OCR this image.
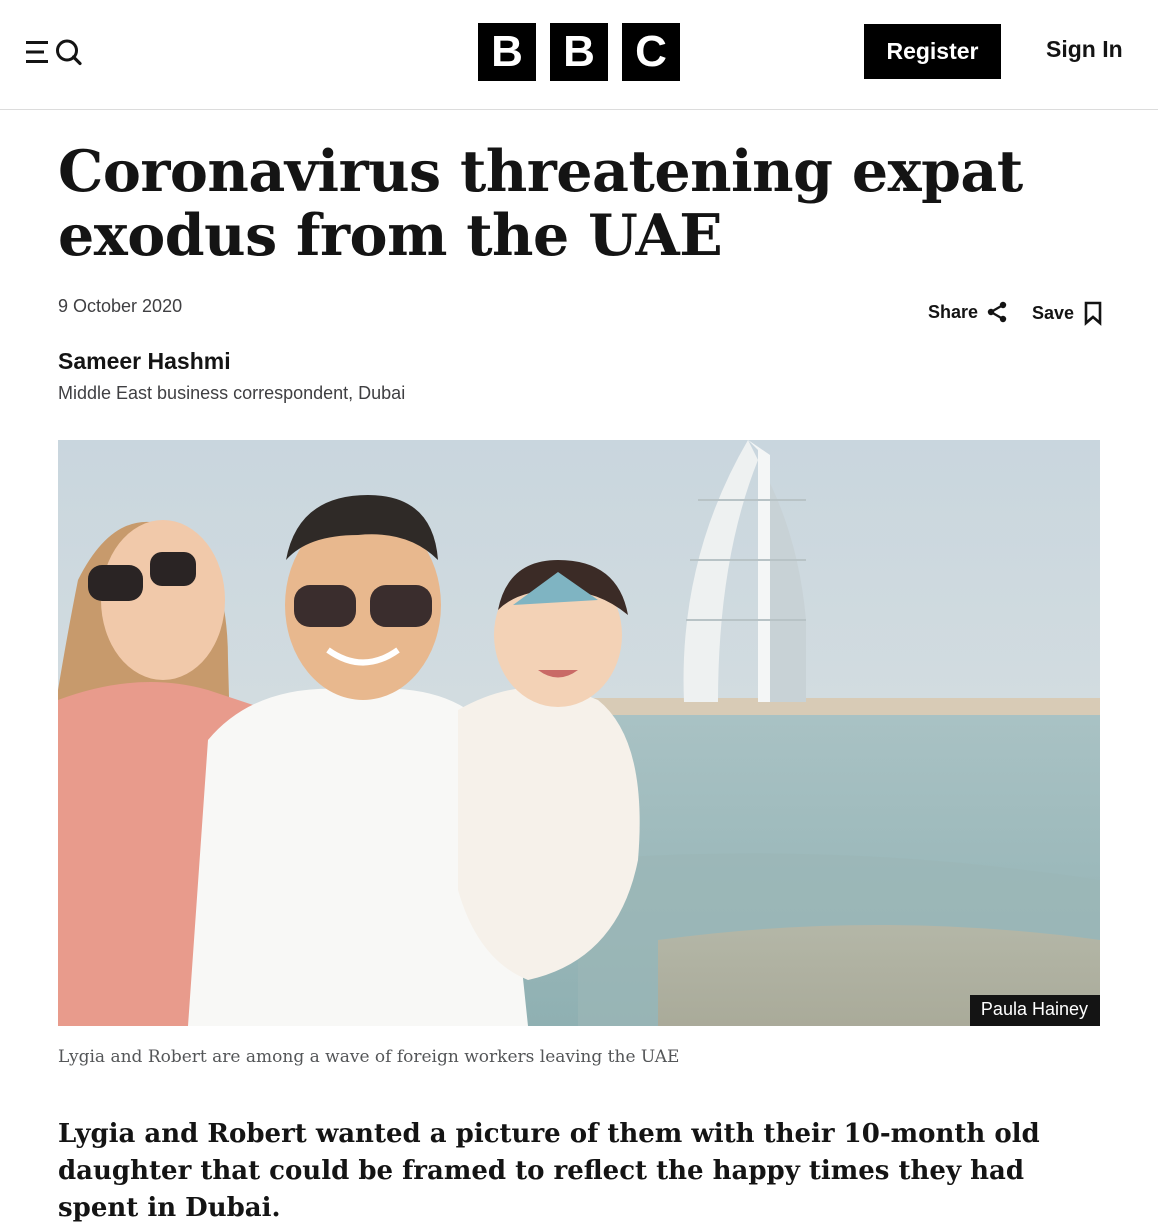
B B C	Register	Sign In
Coronavirus threatening expat exodus from the UAE
9 October 2020	Share	Save
Sameer Hashmi
Middle East business correspondent, Dubai
Paula Hainey
Lygia and Robert are among a wave of foreign workers leaving the UAE

Lygia and Robert wanted a picture of them with their 10-month old daughter that could be framed to reflect the happy times they had spent in Dubai.
